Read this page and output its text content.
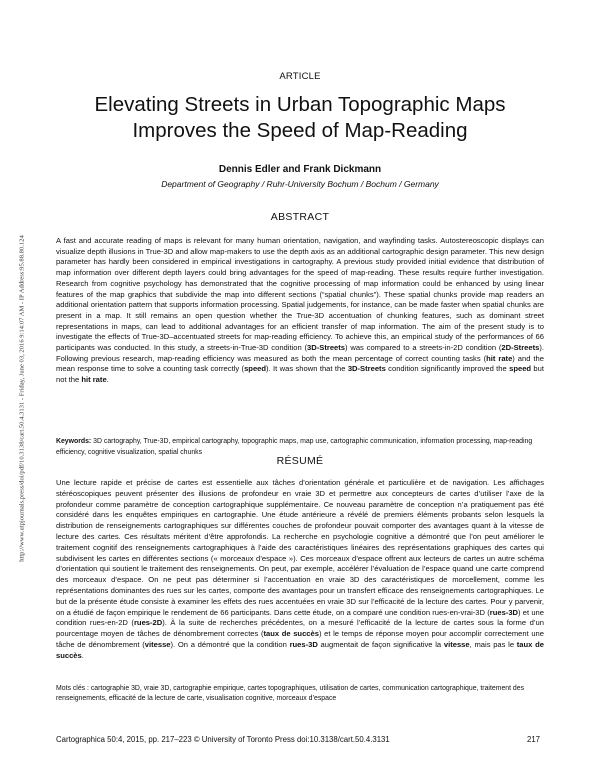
http://www.utpjournals.press/doi/pdf/10.3138/cart.50.4.3131 - Friday, June 03, 2016 9:14:07 AM - IP Address:95.88.80.124
ARTICLE
Elevating Streets in Urban Topographic Maps Improves the Speed of Map-Reading
Dennis Edler and Frank Dickmann
Department of Geography / Ruhr-University Bochum / Bochum / Germany
ABSTRACT

A fast and accurate reading of maps is relevant for many human orientation, navigation, and wayfinding tasks. Autostereoscopic displays can visualize depth illusions in True-3D and allow map-makers to use the depth axis as an additional cartographic design parameter. This new design parameter has hardly been considered in empirical investigations in cartography. A previous study provided initial evidence that distribution of map information over different depth layers could bring advantages for the speed of map-reading. These results require further investigation. Research from cognitive psychology has demonstrated that the cognitive processing of map information could be enhanced by using linear features of the map graphics that subdivide the map into different sections (“spatial chunks”). These spatial chunks provide map readers an additional orientation pattern that supports information processing. Spatial judgements, for instance, can be made faster when spatial chunks are present in a map. It still remains an open question whether the True-3D accentuation of chunking features, such as dominant street representations in maps, can lead to additional advantages for an efficient transfer of map information. The aim of the present study is to investigate the effects of True-3D–accentuated streets for map-reading efficiency. To achieve this, an empirical study of the performances of 66 participants was conducted. In this study, a streets-in-True-3D condition (3D-Streets) was compared to a streets-in-2D condition (2D-Streets). Following previous research, map-reading efficiency was measured as both the mean percentage of correct counting tasks (hit rate) and the mean response time to solve a counting task correctly (speed). It was shown that the 3D-Streets condition significantly improved the speed but not the hit rate.

Keywords: 3D cartography, True-3D, empirical cartography, topographic maps, map use, cartographic communication, information processing, map-reading efficiency, cognitive visualization, spatial chunks

RÉSUMÉ

Une lecture rapide et précise de cartes est essentielle aux tâches d’orientation générale et particulière et de navigation. Les affichages stéréoscopiques peuvent présenter des illusions de profondeur en vraie 3D et permettre aux concepteurs de cartes d’utiliser l’axe de la profondeur comme paramètre de conception cartographique supplémentaire. Ce nouveau paramètre de conception n’a pratiquement pas été considéré dans les enquêtes empiriques en cartographie. Une étude antérieure a révélé de premiers éléments probants selon lesquels la distribution de renseignements cartographiques sur différentes couches de profondeur pouvait comporter des avantages quant à la vitesse de lecture des cartes. Ces résultats méritent d’être approfondis. La recherche en psychologie cognitive a démontré que l’on peut améliorer le traitement cognitif des renseignements cartographiques à l’aide des caractéristiques linéaires des représentations graphiques des cartes qui subdivisent les cartes en différentes sections (« morceaux d’espace »). Ces morceaux d’espace offrent aux lecteurs de cartes un autre schéma d’orientation qui soutient le traitement des renseignements. On peut, par exemple, accélérer l’évaluation de l’espace quand une carte comprend des morceaux d’espace. On ne peut pas déterminer si l’accentuation en vraie 3D des caractéristiques de morcellement, comme les représentations dominantes des rues sur les cartes, comporte des avantages pour un transfert efficace des renseignements cartographiques. Le but de la présente étude consiste à examiner les effets des rues accentuées en vraie 3D sur l’efficacité de la lecture des cartes. Pour y parvenir, on a étudié de façon empirique le rendement de 66 participants. Dans cette étude, on a comparé une condition rues-en-vrai-3D (rues-3D) et une condition rues-en-2D (rues-2D). À la suite de recherches précédentes, on a mesuré l’efficacité de la lecture de cartes sous la forme d’un pourcentage moyen de tâches de dénombrement correctes (taux de succès) et le temps de réponse moyen pour accomplir correctement une tâche de dénombrement (vitesse). On a démontré que la condition rues-3D augmentait de façon significative la vitesse, mais pas le taux de succès.

Mots clés : cartographie 3D, vraie 3D, cartographie empirique, cartes topographiques, utilisation de cartes, communication cartographique, traitement des renseignements, efficacité de la lecture de carte, visualisation cognitive, morceaux d’espace

Cartographica 50:4, 2015, pp. 217–223 © University of Toronto Press doi:10.3138/cart.50.4.3131	217
